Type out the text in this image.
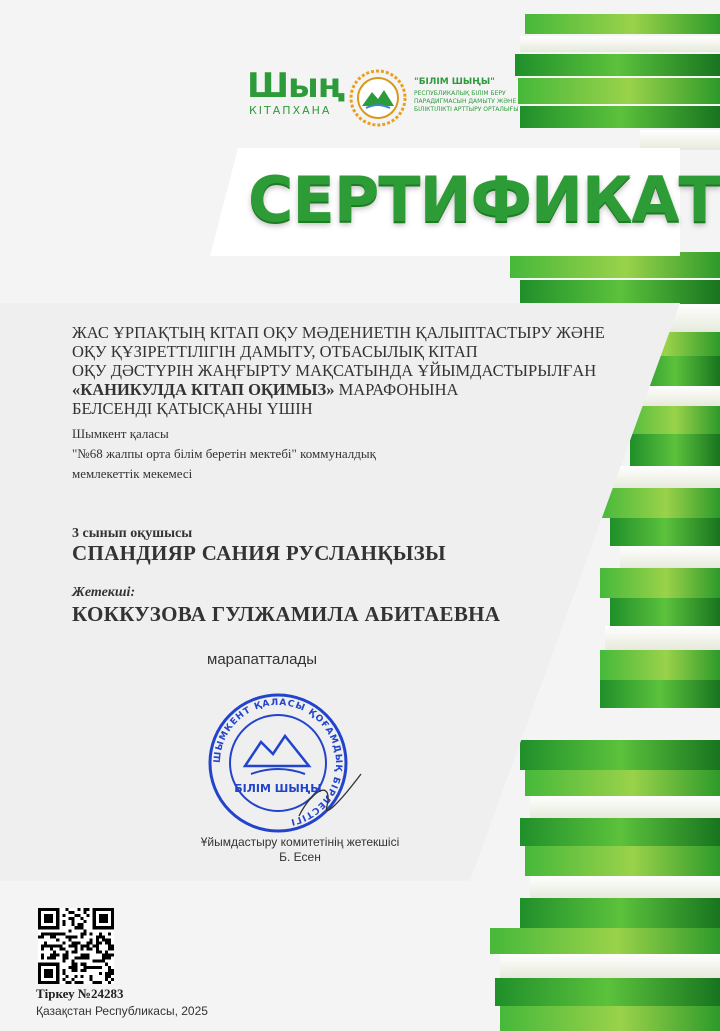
Шың
КІТАПХАНА
"БІЛІМ ШЫҢЫ"
РЕСПУБЛИКАЛЫҚ БІЛІМ БЕРУ
ПАРАДИГМАСЫН ДАМЫТУ ЖӘНЕ
БІЛІКТІЛІКТІ АРТТЫРУ ОРТАЛЫҒЫ
СЕРТИФИКАТ
ЖАС ҰРПАҚТЫҢ КІТАП ОҚУ МӘДЕНИЕТІН ҚАЛЫПТАСТЫРУ ЖӘНЕ
ОҚУ ҚҰЗІРЕТТІЛІГІН ДАМЫТУ, ОТБАСЫЛЫҚ КІТАП
ОҚУ ДӘСТҮРІН ЖАҢҒЫРТУ МАҚСАТЫНДА ҰЙЫМДАСТЫРЫЛҒАН
«КАНИКУЛДА КІТАП ОҚИМЫЗ» МАРАФОНЫНА
БЕЛСЕНДІ ҚАТЫСҚАНЫ ҮШІН
Шымкент қаласы
"№68 жалпы орта білім беретін мектебі" коммуналдық
мемлекеттік мекемесі
3 сынып оқушысы
СПАНДИЯР САНИЯ РУСЛАНҚЫЗЫ
Жетекші:
КОККУЗОВА ГУЛЖАМИЛА АБИТАЕВНА
марапатталады
ШЫМКЕНТ ҚАЛАСЫ ҚОҒАМДЫҚ БІРЛЕСТІГІ
БІЛІМ ШЫҢЫ
Ұйымдастыру комитетінің жетекшісі
Б. Есен
Тіркеу №24283
Қазақстан Республикасы, 2025
